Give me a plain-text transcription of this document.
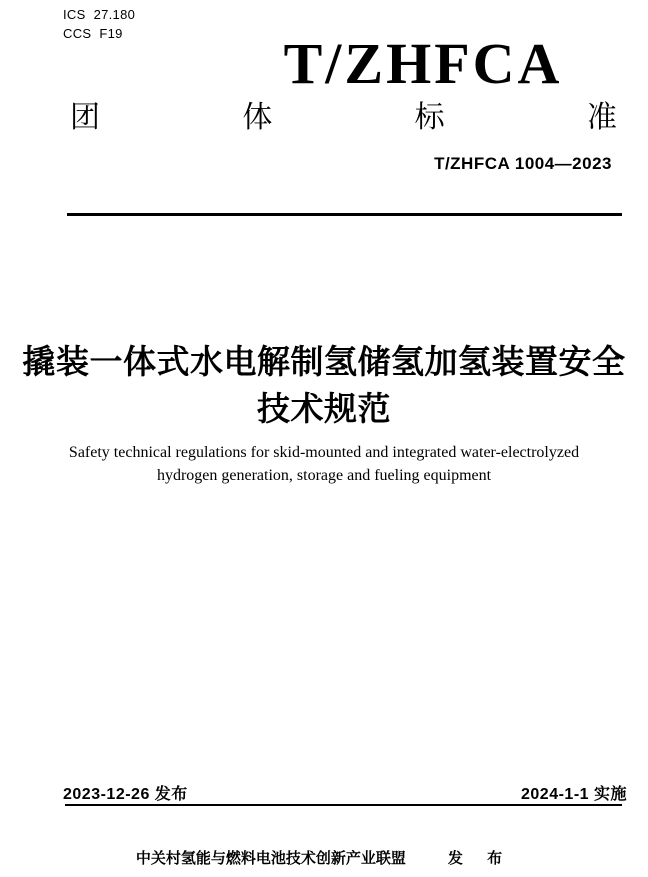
ICS 27.180
CCS F19	T/ZHFCA
团	体	标	准
T/ZHFCA 1004—2023
撬装一体式水电解制氢储氢加氢装置安全
技术规范
Safety technical regulations for skid-mounted and integrated water-electrolyzed
hydrogen generation, storage and fueling equipment
2023-12-26 发布	2024-1-1 实施
中关村氢能与燃料电池技术创新产业联盟	发 布
